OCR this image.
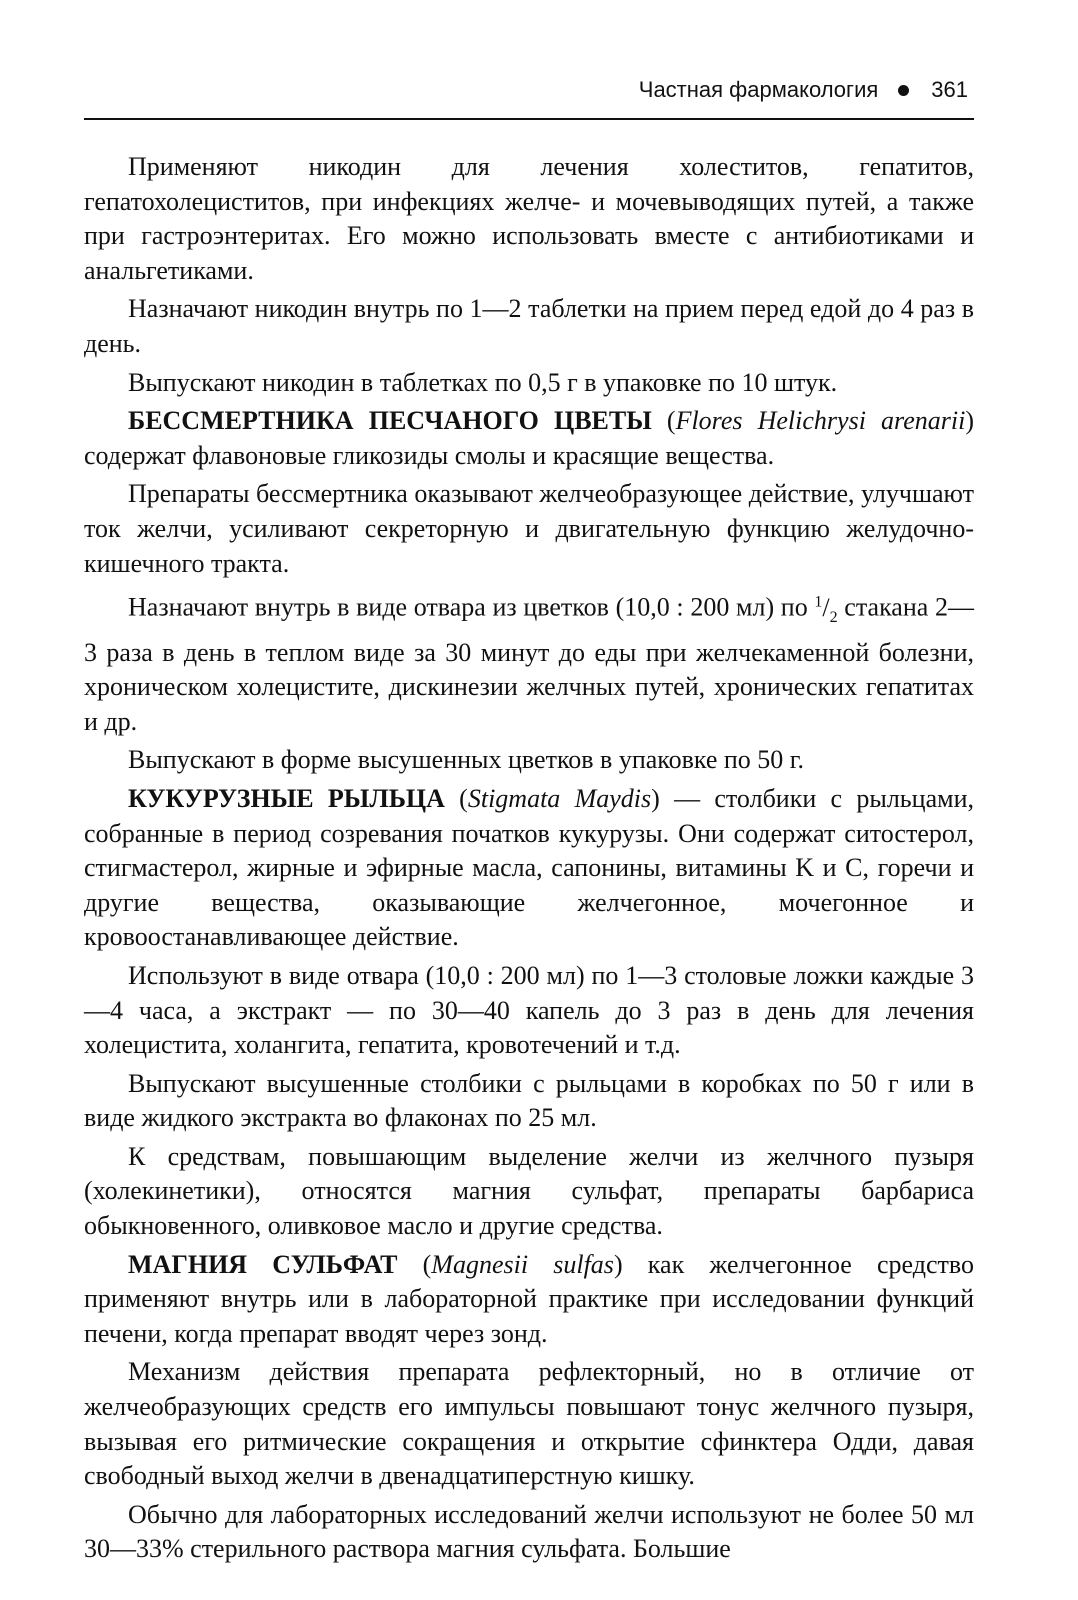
Частная фармакология 361

Применяют никодин для лечения холеститов, гепатитов, гепатохолециститов, при инфекциях желче- и мочевыводящих путей, а также при гастроэнтеритах. Его можно использовать вместе с антибиотиками и анальгетиками.

Назначают никодин внутрь по 1—2 таблетки на прием перед едой до 4 раз в день.

Выпускают никодин в таблетках по 0,5 г в упаковке по 10 штук.

БЕССМЕРТНИКА ПЕСЧАНОГО ЦВЕТЫ (Flores Helichrysi arenarii) содержат флавоновые гликозиды смолы и красящие вещества.

Препараты бессмертника оказывают желчеобразующее действие, улучшают ток желчи, усиливают секреторную и двигательную функцию желудочно-кишечного тракта.

Назначают внутрь в виде отвара из цветков (10,0 : 200 мл) по $^1/_2$ стакана 2—3 раза в день в теплом виде за 30 минут до еды при желчекаменной болезни, хроническом холецистите, дискинезии желчных путей, хронических гепатитах и др.

Выпускают в форме высушенных цветков в упаковке по 50 г.

КУКУРУЗНЫЕ РЫЛЬЦА (Stigmata Maydis) — столбики с рыльцами, собранные в период созревания початков кукурузы. Они содержат ситостерол, стигмастерол, жирные и эфирные масла, сапонины, витамины K и C, горечи и другие вещества, оказывающие желчегонное, мочегонное и кровоостанавливающее действие.

Используют в виде отвара (10,0 : 200 мл) по 1—3 столовые ложки каждые 3—4 часа, а экстракт — по 30—40 капель до 3 раз в день для лечения холецистита, холангита, гепатита, кровотечений и т.д.

Выпускают высушенные столбики с рыльцами в коробках по 50 г или в виде жидкого экстракта во флаконах по 25 мл.

К средствам, повышающим выделение желчи из желчного пузыря (холекинетики), относятся магния сульфат, препараты барбариса обыкновенного, оливковое масло и другие средства.

МАГНИЯ СУЛЬФАТ (Magnesii sulfas) как желчегонное средство применяют внутрь или в лабораторной практике при исследовании функций печени, когда препарат вводят через зонд.

Механизм действия препарата рефлекторный, но в отличие от желчеобразующих средств его импульсы повышают тонус желчного пузыря, вызывая его ритмические сокращения и открытие сфинктера Одди, давая свободный выход желчи в двенадцатиперстную кишку.

Обычно для лабораторных исследований желчи используют не более 50 мл 30—33% стерильного раствора магния сульфата. Большие
